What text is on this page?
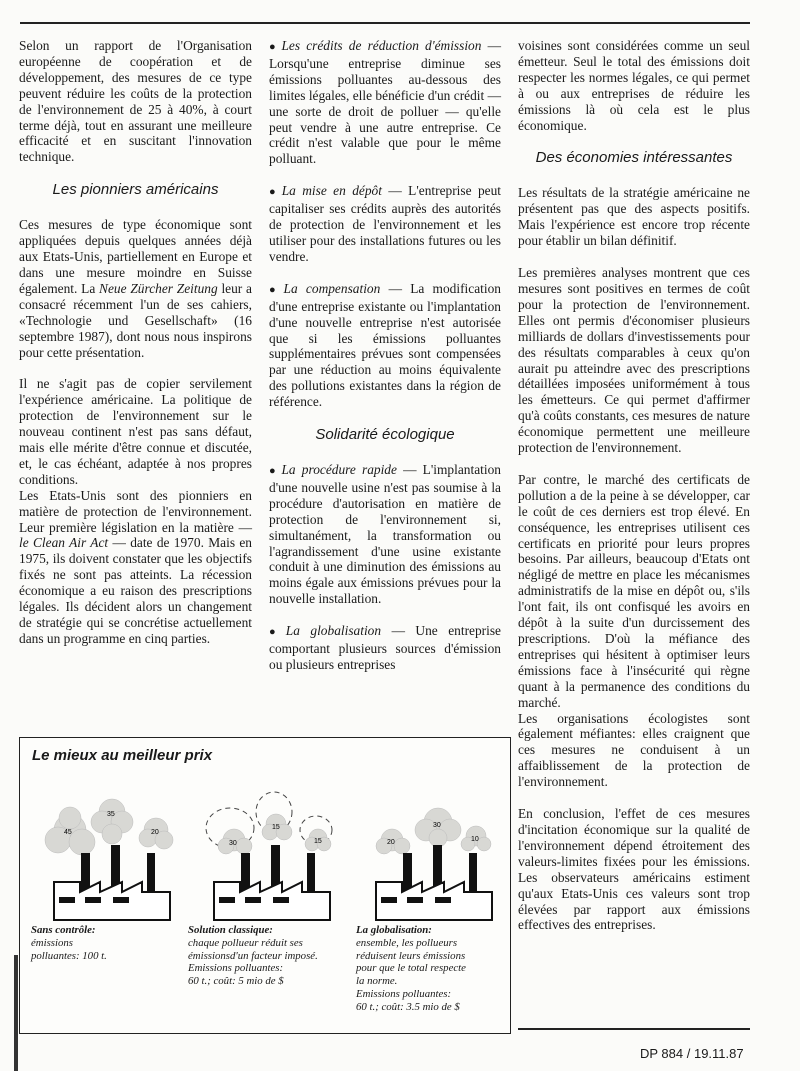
Selon un rapport de l'Organisation européenne de coopération et de développement, des mesures de ce type peuvent réduire les coûts de la protection de l'environnement de 25 à 40%, à court terme déjà, tout en assurant une meilleure efficacité et en suscitant l'innovation technique.

Les pionniers américains

Ces mesures de type économique sont appliquées depuis quelques années déjà aux Etats-Unis, partiellement en Europe et dans une mesure moindre en Suisse également. La Neue Zürcher Zeitung leur a consacré récemment l'un de ses cahiers, «Technologie und Gesellschaft» (16 septembre 1987), dont nous nous inspirons pour cette présentation.

Il ne s'agit pas de copier servilement l'expérience américaine. La politique de protection de l'environnement sur le nouveau continent n'est pas sans défaut, mais elle mérite d'être connue et discutée, et, le cas échéant, adaptée à nos propres conditions.

Les Etats-Unis sont des pionniers en matière de protection de l'environnement. Leur première législation en la matière — le Clean Air Act — date de 1970. Mais en 1975, ils doivent constater que les objectifs fixés ne sont pas atteints. La récession économique a eu raison des prescriptions légales. Ils décident alors un changement de stratégie qui se concrétise actuellement dans un programme en cinq parties.

● Les crédits de réduction d'émission — Lorsqu'une entreprise diminue ses émissions polluantes au-dessous des limites légales, elle bénéficie d'un crédit — une sorte de droit de polluer — qu'elle peut vendre à une autre entreprise. Ce crédit n'est valable que pour le même polluant.

● La mise en dépôt — L'entreprise peut capitaliser ses crédits auprès des autorités de protection de l'environnement et les utiliser pour des installations futures ou les vendre.

● La compensation — La modification d'une entreprise existante ou l'implantation d'une nouvelle entreprise n'est autorisée que si les émissions polluantes supplémentaires prévues sont compensées par une réduction au moins équivalente des pollutions existantes dans la région de référence.

Solidarité écologique

● La procédure rapide — L'implantation d'une nouvelle usine n'est pas soumise à la procédure d'autorisation en matière de protection de l'environnement si, simultanément, la transformation ou l'agrandissement d'une usine existante conduit à une diminution des émissions au moins égale aux émissions prévues pour la nouvelle installation.

● La globalisation — Une entreprise comportant plusieurs sources d'émission ou plusieurs entreprises

voisines sont considérées comme un seul émetteur. Seul le total des émissions doit respecter les normes légales, ce qui permet à ou aux entreprises de réduire les émissions là où cela est le plus économique.

Des économies intéressantes

Les résultats de la stratégie américaine ne présentent pas que des aspects positifs. Mais l'expérience est encore trop récente pour établir un bilan définitif.

Les premières analyses montrent que ces mesures sont positives en termes de coût pour la protection de l'environnement. Elles ont permis d'économiser plusieurs milliards de dollars d'investissements pour des résultats comparables à ceux qu'on aurait pu atteindre avec des prescriptions détaillées imposées uniformément à tous les émetteurs. Ce qui permet d'affirmer qu'à coûts constants, ces mesures de nature économique permettent une meilleure protection de l'environnement.

Par contre, le marché des certificats de pollution a de la peine à se développer, car le coût de ces derniers est trop élevé. En conséquence, les entreprises utilisent ces certificats en priorité pour leurs propres besoins. Par ailleurs, beaucoup d'Etats ont négligé de mettre en place les mécanismes administratifs de la mise en dépôt ou, s'ils l'ont fait, ils ont confisqué les avoirs en dépôt à la suite d'un durcissement des prescriptions. D'où la méfiance des entreprises qui hésitent à optimiser leurs émissions face à l'insécurité qui règne quant à la permanence des conditions du marché.

Les organisations écologistes sont également méfiantes: elles craignent que ces mesures ne conduisent à un affaiblissement de la protection de l'environnement.

En conclusion, l'effet de ces mesures d'incitation économique sur la qualité de l'environnement dépend étroitement des valeurs-limites fixées pour les émissions. Les observateurs américains estiment qu'aux Etats-Unis ces valeurs sont trop élevées par rapport aux émissions effectives des entreprises.

Le mieux au meilleur prix
45
35
20
Sans contrôle:
émissions
polluantes: 100 t.
30
15
15
Solution classique:
chaque pollueur réduit ses
émissionsd'un facteur imposé.
Emissions polluantes:
60 t.; coût: 5 mio de $
20
30
10
La globalisation:
ensemble, les pollueurs
réduisent leurs émissions
pour que le total respecte
la norme.
Emissions polluantes:
60 t.; coût: 3.5 mio de $
DP 884 / 19.11.87
